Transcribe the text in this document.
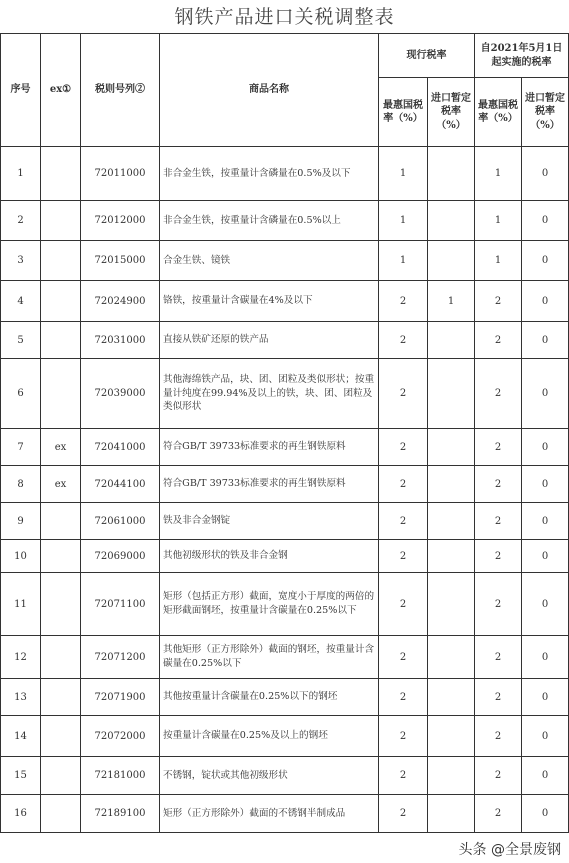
钢铁产品进口关税调整表
序号	ex①	税则号列②	商品名称	现行税率		自2021年5月1日起实施的税率	
				最惠国税率（%）	进口暂定税率（%）	最惠国税率（%）	进口暂定税率（%）
1		72011000	非合金生铁，按重量计含磷量在0.5%及以下	1		1	0
2		72012000	非合金生铁，按重量计含磷量在0.5%以上	1		1	0
3		72015000	合金生铁、镜铁	1		1	0
4		72024900	铬铁，按重量计含碳量在4%及以下	2	1	2	0
5		72031000	直接从铁矿还原的铁产品	2		2	0
6		72039000	其他海绵铁产品，块、团、团粒及类似形状；按重量计纯度在99.94%及以上的铁，块、团、团粒及类似形状	2		2	0
7	ex	72041000	符合GB/T 39733标准要求的再生钢铁原料	2		2	0
8	ex	72044100	符合GB/T 39733标准要求的再生钢铁原料	2		2	0
9		72061000	铁及非合金钢锭	2		2	0
10		72069000	其他初级形状的铁及非合金钢	2		2	0
11		72071100	矩形（包括正方形）截面，宽度小于厚度的两倍的矩形截面钢坯，按重量计含碳量在0.25%以下	2		2	0
12		72071200	其他矩形（正方形除外）截面的钢坯，按重量计含碳量在0.25%以下	2		2	0
13		72071900	其他按重量计含碳量在0.25%以下的钢坯	2		2	0
14		72072000	按重量计含碳量在0.25%及以上的钢坯	2		2	0
15		72181000	不锈钢，锭状或其他初级形状	2		2	0
16		72189100	矩形（正方形除外）截面的不锈钢半制成品	2		2	0
头条 @全景废钢
